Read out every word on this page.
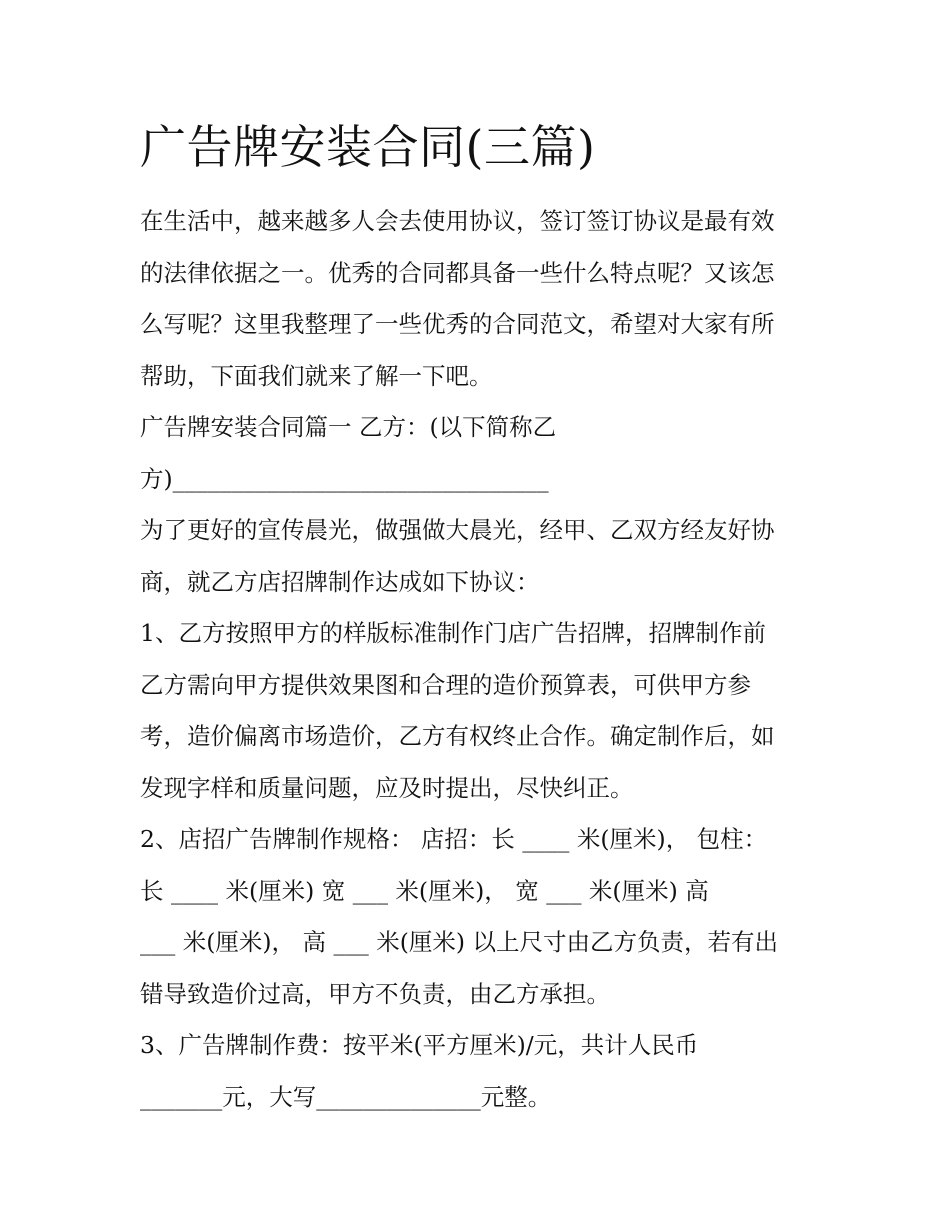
广告牌安装合同(三篇)
在生活中，越来越多人会去使用协议，签订签订协议是最有效
的法律依据之一。优秀的合同都具备一些什么特点呢？又该怎
么写呢？这里我整理了一些优秀的合同范文，希望对大家有所
帮助，下面我们就来了解一下吧。
广告牌安装合同篇一 乙方：(以下简称乙
方)________________________________
为了更好的宣传晨光，做强做大晨光，经甲、乙双方经友好协
商，就乙方店招牌制作达成如下协议：
1、乙方按照甲方的样版标准制作门店广告招牌，招牌制作前
乙方需向甲方提供效果图和合理的造价预算表，可供甲方参
考，造价偏离市场造价，乙方有权终止合作。确定制作后，如
发现字样和质量问题，应及时提出，尽快纠正。
2、店招广告牌制作规格： 店招：长 ____ 米(厘米)， 包柱：
长 ____ 米(厘米) 宽 ___ 米(厘米)， 宽 ___ 米(厘米) 高
___ 米(厘米)， 高 ___ 米(厘米) 以上尺寸由乙方负责，若有出
错导致造价过高，甲方不负责，由乙方承担。
3、广告牌制作费：按平米(平方厘米)/元，共计人民币
_______元，大写______________元整。
